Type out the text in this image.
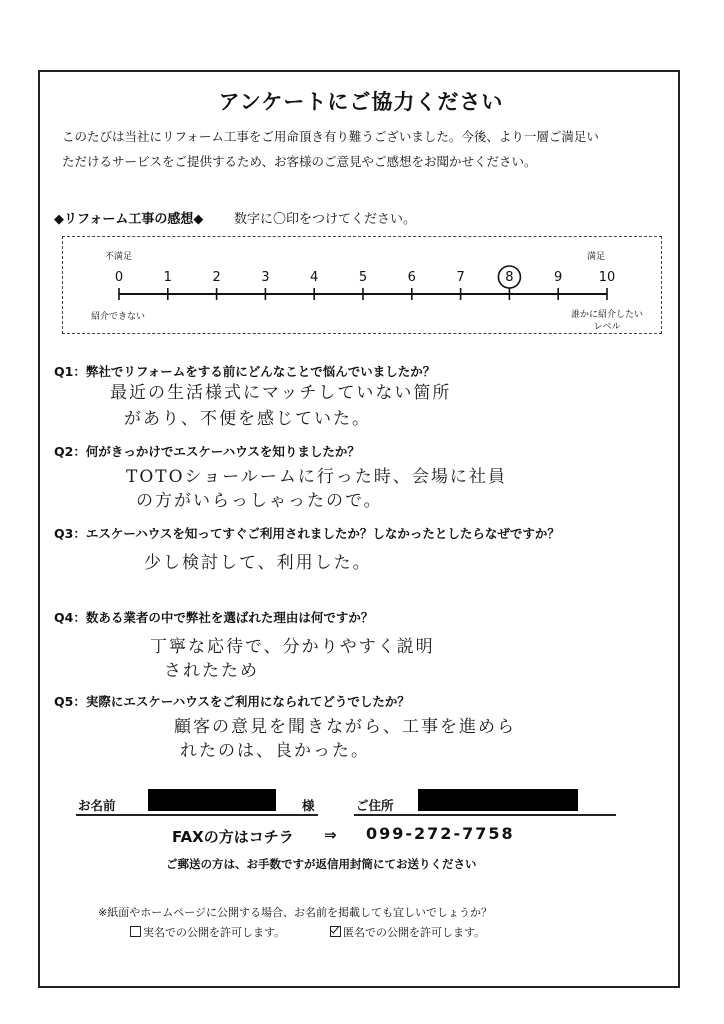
アンケートにご協力ください
このたびは当社にリフォーム工事をご用命頂き有り難うございました。今後、より一層ご満足い
ただけるサービスをご提供するため、お客様のご意見やご感想をお聞かせください。
◆リフォーム工事の感想◆ 数字に〇印をつけてください。
不満足	満足
0	1	2	3	4	5	6	7	8	9	10
紹介できない	誰かに紹介したい
レベル
Q1：弊社でリフォームをする前にどんなことで悩んでいましたか？
最近の生活様式にマッチしていない箇所
があり、不便を感じていた。
Q2：何がきっかけでエスケーハウスを知りましたか？
TOTOショールームに行った時、会場に社員
の方がいらっしゃったので。
Q3：エスケーハウスを知ってすぐご利用されましたか？しなかったとしたらなぜですか？
少し検討して、利用した。
Q4：数ある業者の中で弊社を選ばれた理由は何ですか？
丁寧な応待で、分かりやすく説明
されたため
Q5：実際にエスケーハウスをご利用になられてどうでしたか？
顧客の意見を聞きながら、工事を進めら
れたのは、良かった。
お名前	様	ご住所
FAXの方はコチラ ⇒ 099-272-7758
ご郵送の方は、お手数ですが返信用封筒にてお送りください
※紙面やホームページに公開する場合、お名前を掲載しても宜しいでしょうか？
実名での公開を許可します。	匿名での公開を許可します。
